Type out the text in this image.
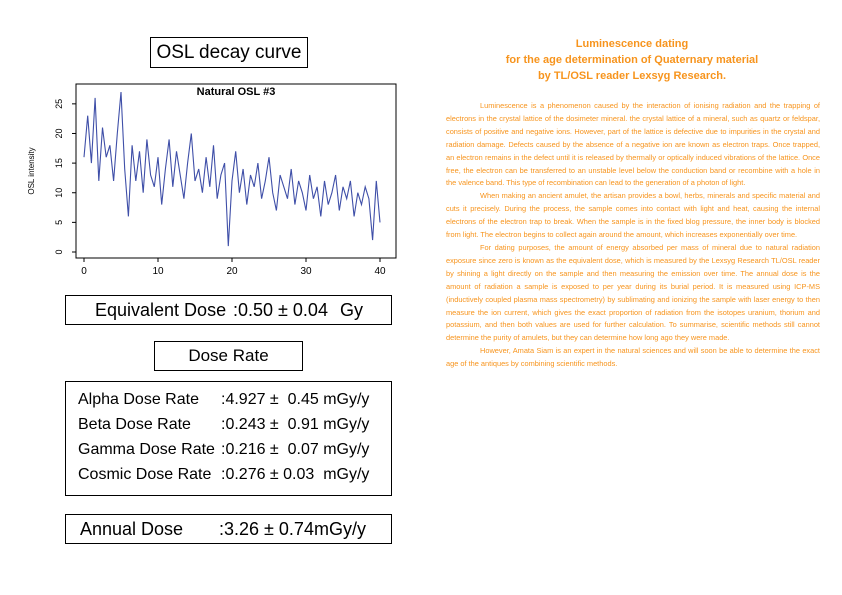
OSL decay curve
Natural OSL #3
OSL intensity
0	10	20	30	40
0
5
10
15
20
25
Equivalent Dose :0.50 ± 0.04 Gy
Dose Rate
Alpha Dose Rate :4.927 ±  0.45 mGy/y
Beta Dose Rate :0.243 ±  0.91 mGy/y
Gamma Dose Rate :0.216 ±  0.07 mGy/y
Cosmic Dose Rate :0.276 ± 0.03  mGy/y
Annual Dose :3.26 ± 0.74mGy/y
Luminescence dating
for the age determination of Quaternary material
by TL/OSL reader Lexsyg Research.

Luminescence is a phenomenon caused by the interaction of ionising radiation and the trapping of electrons in the crystal lattice of the dosimeter mineral. the crystal lattice of a mineral, such as quartz or feldspar, consists of positive and negative ions. However, part of the lattice is defective due to impurities in the crystal and radiation damage. Defects caused by the absence of a negative ion are known as electron traps. Once trapped, an electron remains in the defect until it is released by thermally or optically induced vibrations of the lattice. Once free, the electron can be transferred to an unstable level below the conduction band or recombine with a hole in the valence band. This type of recombination can lead to the generation of a photon of light.

When making an ancient amulet, the artisan provides a bowl, herbs, minerals and specific material and cuts it precisely. During the process, the sample comes into contact with light and heat, causing the internal electrons of the electron trap to break. When the sample is in the fixed blog pressure, the inner body is blocked from light. The electron begins to collect again around the amount, which increases exponentially over time.

For dating purposes, the amount of energy absorbed per mass of mineral due to natural radiation exposure since zero is known as the equivalent dose, which is measured by the Lexsyg Research TL/OSL reader by shining a light directly on the sample and then measuring the emission over time. The annual dose is the amount of radiation a sample is exposed to per year during its burial period. It is measured using ICP-MS (inductively coupled plasma mass spectrometry) by sublimating and ionizing the sample with laser energy to then measure the ion current, which gives the exact proportion of radiation from the isotopes uranium, thorium and potassium, and then both values are used for further calculation. To summarise, scientific methods still cannot determine the purity of amulets, but they can determine how long ago they were made.

However, Amata Siam is an expert in the natural sciences and will soon be able to determine the exact age of the antiques by combining scientific methods.
